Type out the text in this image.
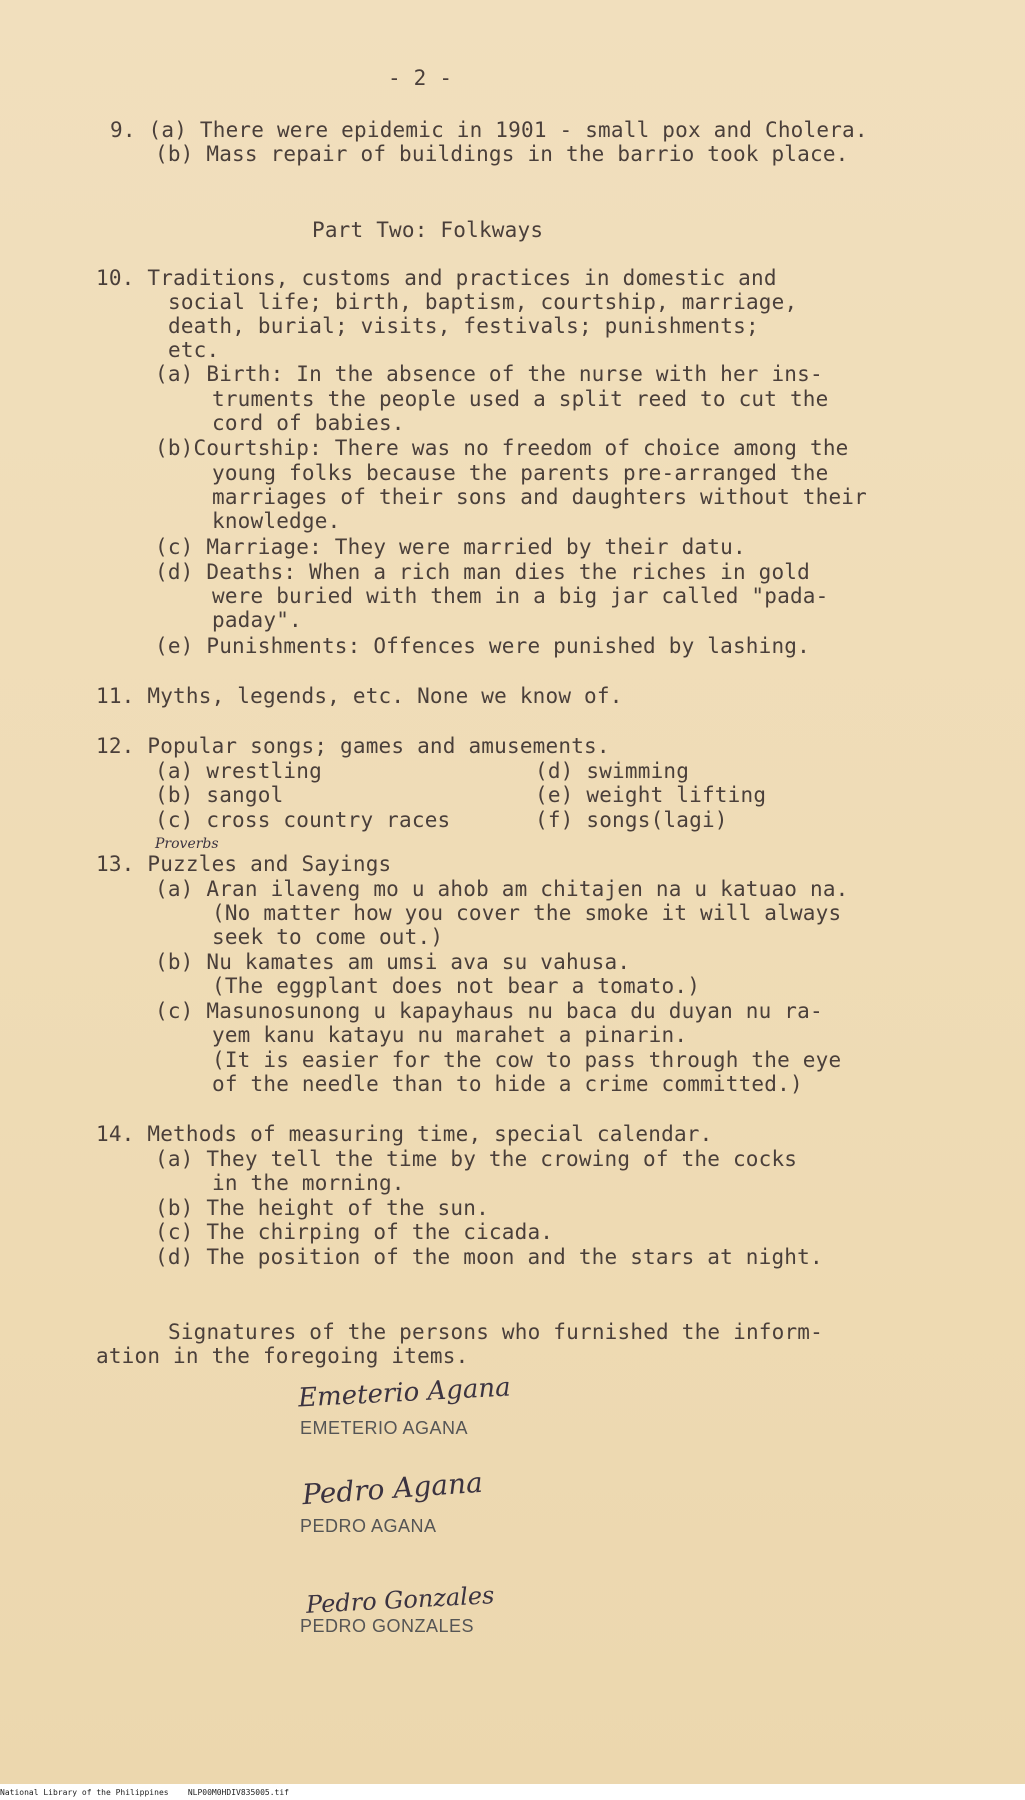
- 2 -
9. (a) There were epidemic in 1901 - small pox and Cholera.
(b) Mass repair of buildings in the barrio took place.
Part Two: Folkways
10. Traditions, customs and practices in domestic and
social life; birth, baptism, courtship, marriage,
death, burial; visits, festivals; punishments;
etc.
(a) Birth: In the absence of the nurse with her ins-
truments the people used a split reed to cut the
cord of babies.
(b)Courtship: There was no freedom of choice among the
young folks because the parents pre-arranged the
marriages of their sons and daughters without their
knowledge.
(c) Marriage: They were married by their datu.
(d) Deaths: When a rich man dies the riches in gold
were buried with them in a big jar called "pada-
paday".
(e) Punishments: Offences were punished by lashing.
11. Myths, legends, etc. None we know of.
12. Popular songs; games and amusements.
(a) wrestling	(d) swimming
(b) sangol	(e) weight lifting
(c) cross country races	(f) songs(lagi)
Proverbs
13. Puzzles and Sayings
(a) Aran ilaveng mo u ahob am chitajen na u katuao na.
(No matter how you cover the smoke it will always
seek to come out.)
(b) Nu kamates am umsi ava su vahusa.
(The eggplant does not bear a tomato.)
(c) Masunosunong u kapayhaus nu baca du duyan nu ra-
yem kanu katayu nu marahet a pinarin.
(It is easier for the cow to pass through the eye
of the needle than to hide a crime committed.)
14. Methods of measuring time, special calendar.
(a) They tell the time by the crowing of the cocks
in the morning.
(b) The height of the sun.
(c) The chirping of the cicada.
(d) The position of the moon and the stars at night.
Signatures of the persons who furnished the inform-
ation in the foregoing items.
Emeterio Agana
EMETERIO AGANA
Pedro Agana
PEDRO AGANA
Pedro Gonzales
PEDRO GONZALES
National Library of the Philippines    NLP00M0HDIV835005.tif
